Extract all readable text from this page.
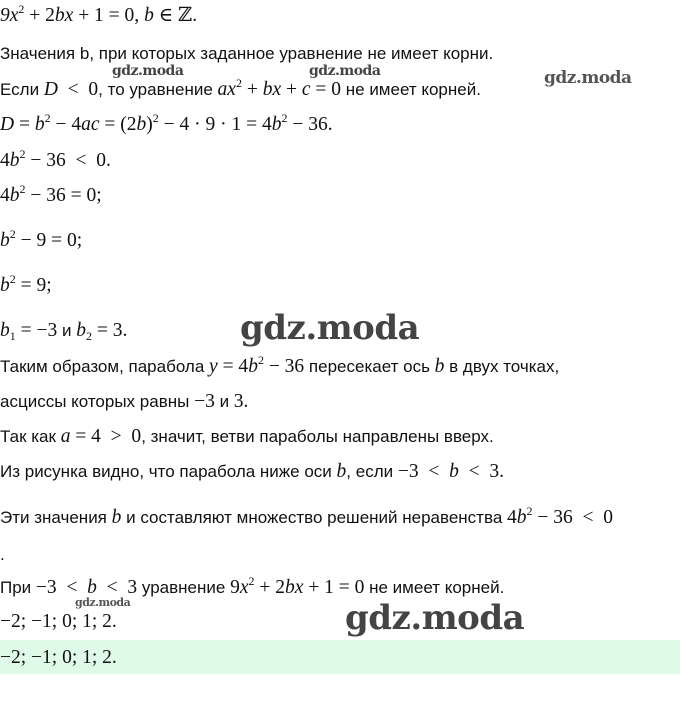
$9x^2 + 2bx + 1 = 0$, b ∈ ℤ.
Значения b, при которых заданное уравнение не имеет корни.
Если D  <  0, то уравнение $ax^2$ + bx + c = 0 не имеет корней.
$D = b^2 - 4ac = (2b)^2 - 4 \cdot 9 \cdot 1 = 4b^2 - 36$.
$4b^2 - 36 < 0$.
$4b^2 - 36 = 0$;
$b^2 - 9 = 0$;
$b^2 = 9$;
$b_1 = -3$ и $b_2 = 3$.
Таким образом, парабола $y = 4b^2 - 36$ пересекает ось b в двух точках,
асциссы которых равны −3 и 3.
Так как a = 4  >  0, значит, ветви параболы направлены вверх.
Из рисунка видно, что парабола ниже оси b, если −3  <  b  <  3.
Эти значения b и составляют множество решений неравенства $4b^2 - 36 < 0$
.
При −3  <  b  <  3 уравнение $9x^2 + 2bx + 1 = 0$ не имеет корней.
−2; −1; 0; 1; 2.
−2; −1; 0; 1; 2.
gdz.moda	gdz.moda	gdz.moda
gdz.moda
gdz.moda	gdz.moda
